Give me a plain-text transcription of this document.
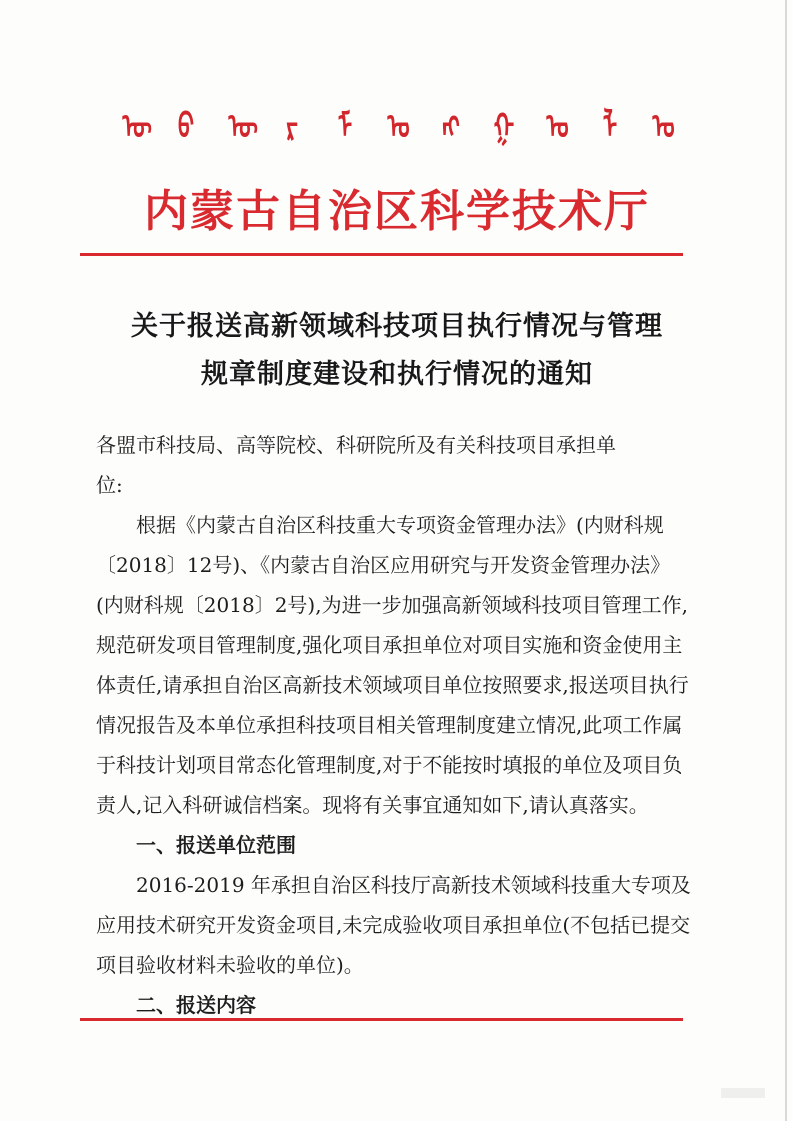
ᠥ ᠪ ᠦ ᠷ ᠮ ᠣ ᠩ ᠭ ᠣ ᠯ ᠤ
内蒙古自治区科学技术厅
关于报送高新领域科技项目执行情况与管理
规章制度建设和执行情况的通知

各盟市科技局、高等院校、科研院所及有关科技项目承担单

位:

根据《内蒙古自治区科技重大专项资金管理办法》(内财科规〔2018〕12号)、《内蒙古自治区应用研究与开发资金管理办法》(内财科规〔2018〕2号),为进一步加强高新领域科技项目管理工作,规范研发项目管理制度,强化项目承担单位对项目实施和资金使用主体责任,请承担自治区高新技术领域项目单位按照要求,报送项目执行情况报告及本单位承担科技项目相关管理制度建立情况,此项工作属于科技计划项目常态化管理制度,对于不能按时填报的单位及项目负责人,记入科研诚信档案。现将有关事宜通知如下,请认真落实。

一、报送单位范围

2016-2019 年承担自治区科技厅高新技术领域科技重大专项及应用技术研究开发资金项目,未完成验收项目承担单位(不包括已提交项目验收材料未验收的单位)。

二、报送内容
